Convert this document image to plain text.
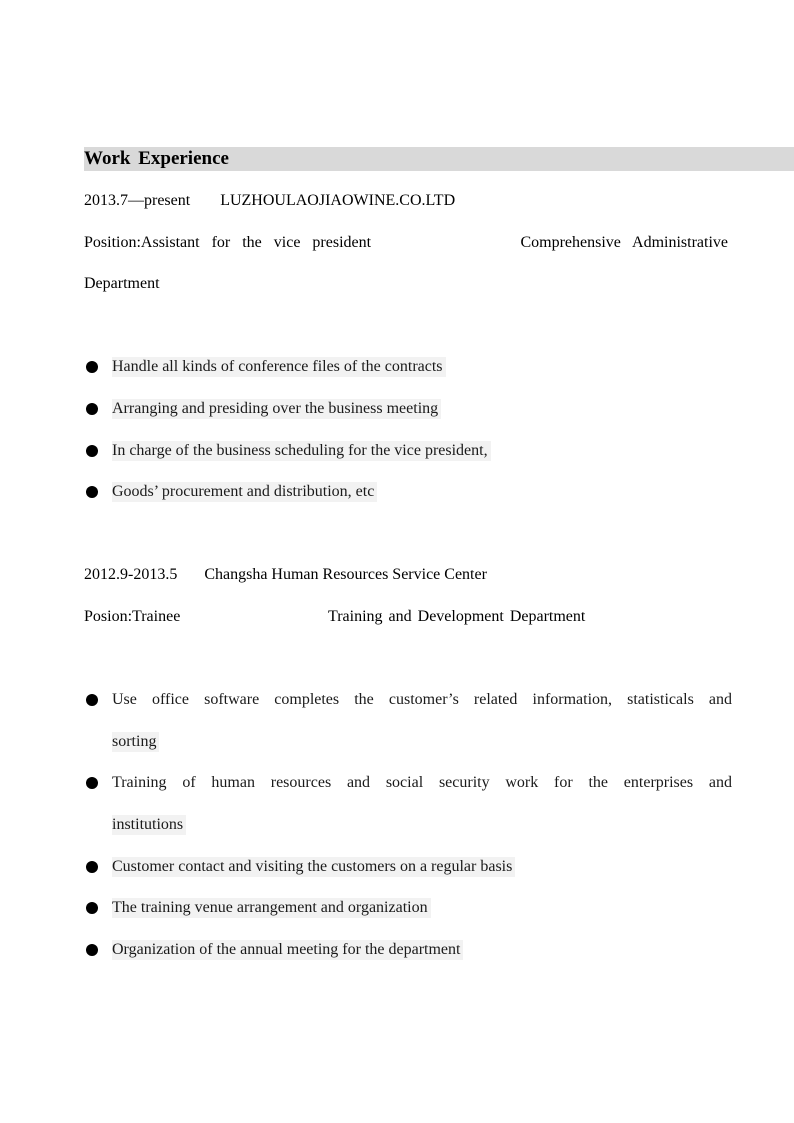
Work Experience
2013.7—present LUZHOULAOJIAOWINE.CO.LTD
Position:Assistant for the vice president	Comprehensive Administrative
Department
Handle all kinds of conference files of the contracts
Arranging and presiding over the business meeting
In charge of the business scheduling for the vice president,
Goods’ procurement and distribution, etc
2012.9-2013.5 Changsha Human Resources Service Center
Posion:Trainee	Training and Development Department
Use office software completes the customer’s related information, statisticals and
sorting
Training of human resources and social security work for the enterprises and
institutions
Customer contact and visiting the customers on a regular basis
The training venue arrangement and organization
Organization of the annual meeting for the department
